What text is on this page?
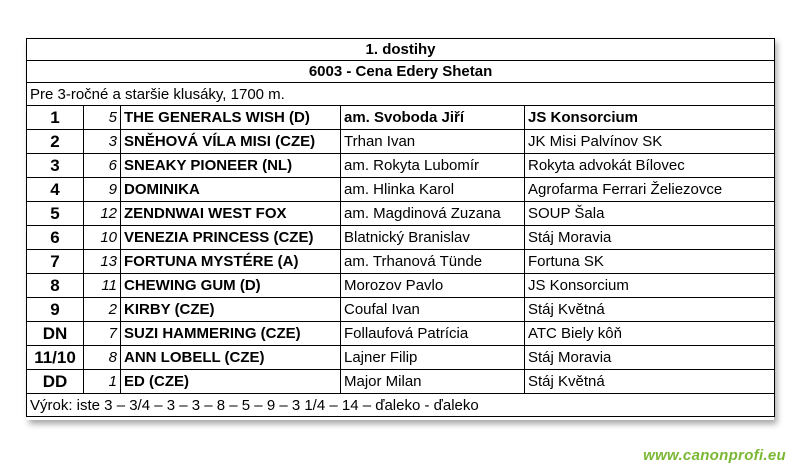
1. dostihy				
6003 - Cena Edery Shetan				
Pre 3-ročné a staršie klusáky, 1700 m.				
1	5	THE GENERALS WISH (D)	am. Svoboda Jiří	JS Konsorcium
2	3	SNĚHOVÁ VÍLA MISI (CZE)	Trhan Ivan	JK Misi Palvínov SK
3	6	SNEAKY PIONEER (NL)	am. Rokyta Lubomír	Rokyta advokát Bílovec
4	9	DOMINIKA	am. Hlinka Karol	Agrofarma Ferrari Želiezovce
5	12	ZENDNWAI WEST FOX	am. Magdinová Zuzana	SOUP Šala
6	10	VENEZIA PRINCESS (CZE)	Blatnický Branislav	Stáj Moravia
7	13	FORTUNA MYSTÉRE (A)	am. Trhanová Tünde	Fortuna SK
8	11	CHEWING GUM (D)	Morozov Pavlo	JS Konsorcium
9	2	KIRBY (CZE)	Coufal Ivan	Stáj Květná
DN	7	SUZI HAMMERING (CZE)	Follaufová Patrícia	ATC Biely kôň
11/10	8	ANN LOBELL (CZE)	Lajner Filip	Stáj Moravia
DD	1	ED (CZE)	Major Milan	Stáj Květná
Výrok: iste 3 – 3/4 – 3 – 3 – 8 – 5 – 9 – 3 1/4 – 14 – ďaleko - ďaleko				
www.canonprofi.eu
